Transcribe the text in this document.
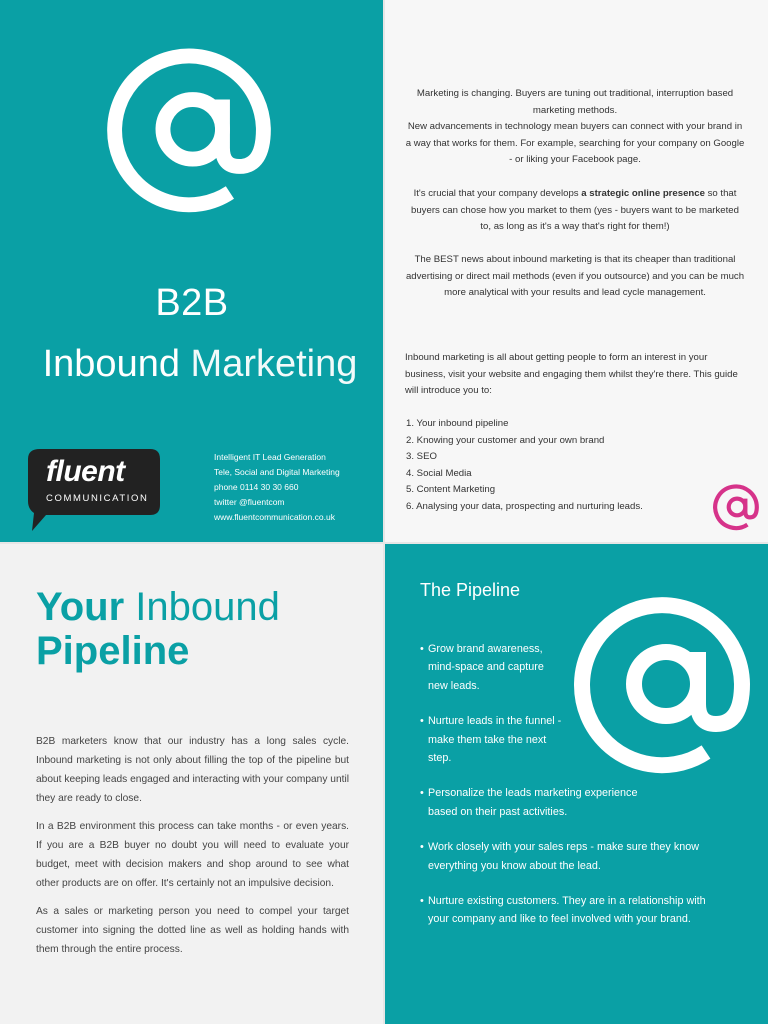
B2B
Inbound Marketing
fluent
COMMUNICATION
Intelligent IT Lead Generation
Tele, Social and Digital Marketing
phone 0114 30 30 660
twitter @fluentcom
www.fluentcommunication.co.uk

Marketing is changing. Buyers are tuning out traditional, interruption based marketing methods.

New advancements in technology mean buyers can connect with your brand in a way that works for them. For example, searching for your company on Google - or liking your Facebook page.

It's crucial that your company develops a strategic online presence so that buyers can chose how you market to them (yes - buyers want to be marketed to, as long as it's a way that's right for them!)

The BEST news about inbound marketing is that its cheaper than traditional advertising or direct mail methods (even if you outsource) and you can be much more analytical with your results and lead cycle management.

Inbound marketing is all about getting people to form an interest in your business, visit your website and engaging them whilst they're there. This guide will introduce you to:

1. Your inbound pipeline
2. Knowing your customer and your own brand
3. SEO
4. Social Media
5. Content Marketing
6. Analysing your data, prospecting and nurturing leads.
Your Inbound
Pipeline

B2B marketers know that our industry has a long sales cycle. Inbound marketing is not only about filling the top of the pipeline but about keeping leads engaged and interacting with your company until they are ready to close.

In a B2B environment this process can take months - or even years. If you are a B2B buyer no doubt you will need to evaluate your budget, meet with decision makers and shop around to see what other products are on offer. It's certainly not an impulsive decision.

As a sales or marketing person you need to compel your target customer into signing the dotted line as well as holding hands with them through the entire process.

The Pipeline
• Grow brand awareness, mind-space and capture new leads.
• Nurture leads in the funnel - make them take the next step.
• Personalize the leads marketing experience based on their past activities.
• Work closely with your sales reps - make sure they know everything you know about the lead.
• Nurture existing customers. They are in a relationship with your company and like to feel involved with your brand.
